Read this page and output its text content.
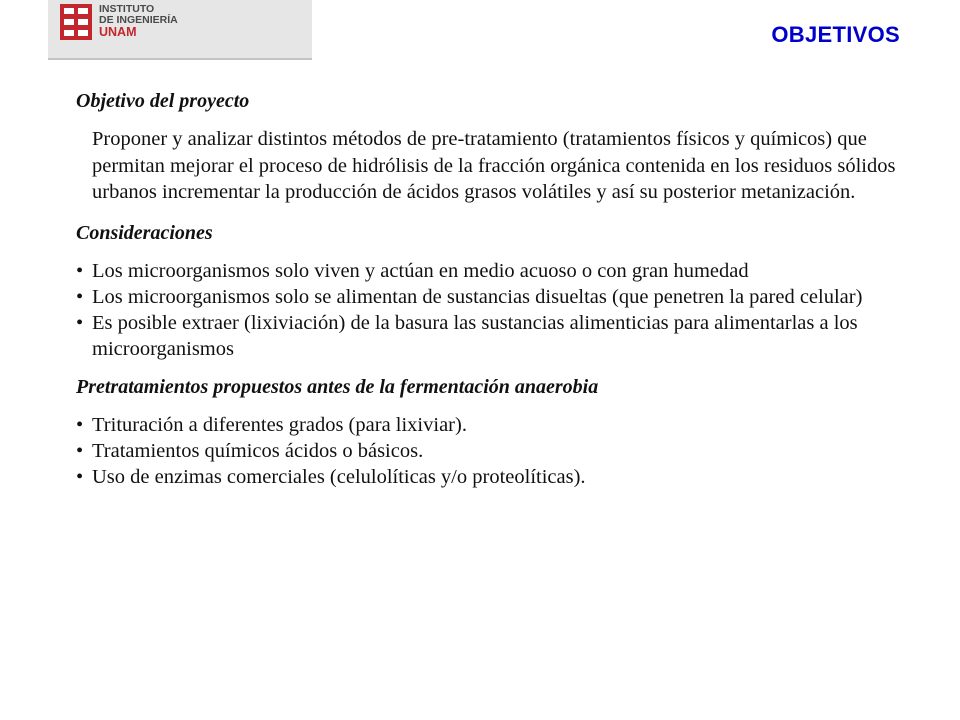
INSTITUTO
DE INGENIERÍA
UNAM	OBJETIVOS
Objetivo del proyecto

Proponer y analizar distintos métodos de pre-tratamiento (tratamientos físicos y químicos) que permitan mejorar el proceso de hidrólisis de la fracción orgánica contenida en los residuos sólidos urbanos incrementar la producción de ácidos grasos volátiles y así su posterior metanización.

Consideraciones
• Los microorganismos solo viven y actúan en medio acuoso o con gran humedad
• Los microorganismos solo se alimentan de sustancias disueltas (que penetren la pared celular)
• Es posible extraer (lixiviación) de la basura las sustancias alimenticias para alimentarlas a los microorganismos
Pretratamientos propuestos antes de la fermentación anaerobia
• Trituración a diferentes grados (para lixiviar).
• Tratamientos químicos ácidos o básicos.
• Uso de enzimas comerciales (celulolíticas y/o proteolíticas).
